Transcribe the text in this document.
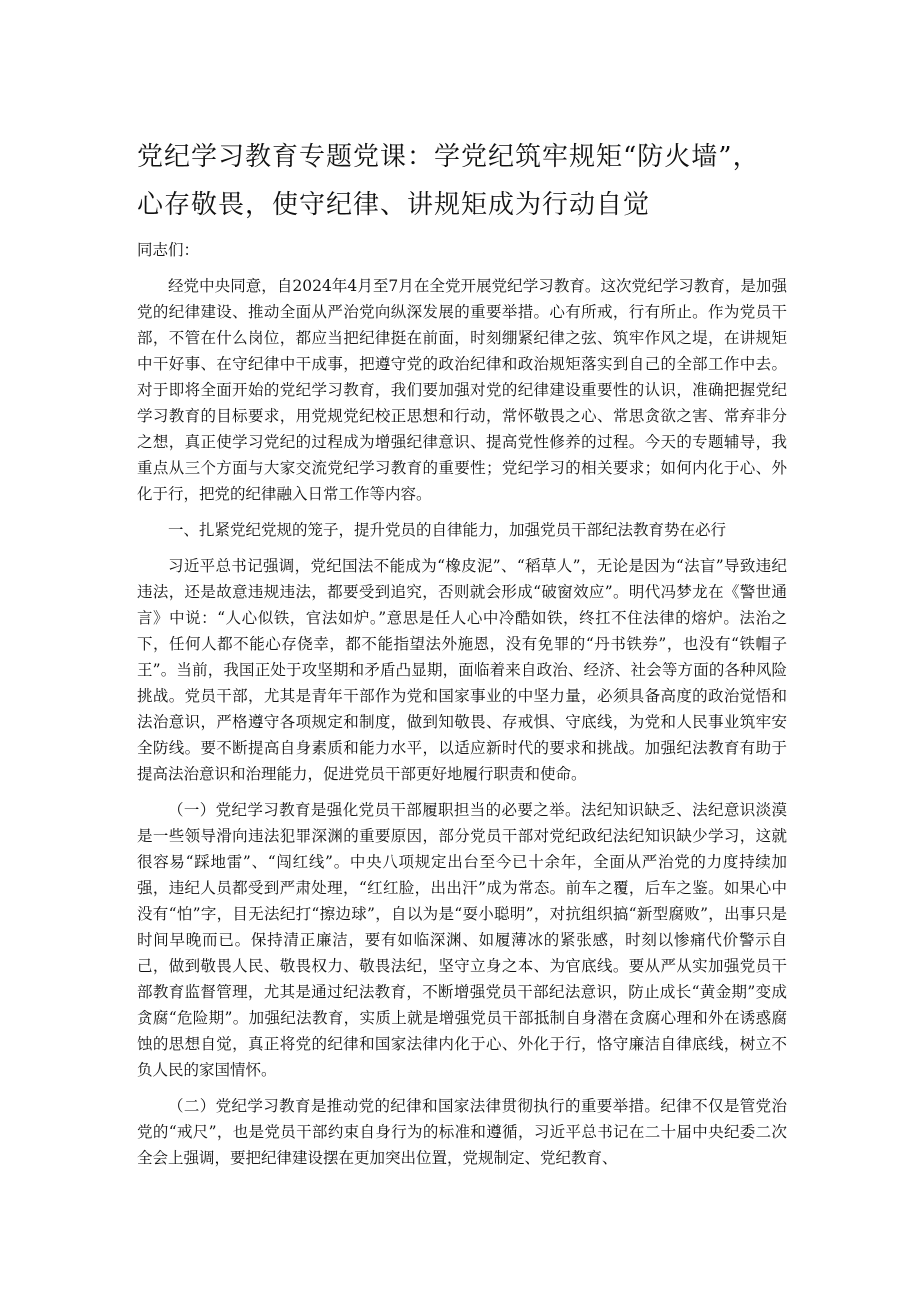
党纪学习教育专题党课：学党纪筑牢规矩“防火墙”，
心存敬畏，使守纪律、讲规矩成为行动自觉

同志们：

经党中央同意，自2024年4月至7月在全党开展党纪学习教育。这次党纪学习教育，是加强党的纪律建设、推动全面从严治党向纵深发展的重要举措。心有所戒，行有所止。作为党员干部，不管在什么岗位，都应当把纪律挺在前面，时刻绷紧纪律之弦、筑牢作风之堤，在讲规矩中干好事、在守纪律中干成事，把遵守党的政治纪律和政治规矩落实到自己的全部工作中去。对于即将全面开始的党纪学习教育，我们要加强对党的纪律建设重要性的认识，准确把握党纪学习教育的目标要求，用党规党纪校正思想和行动，常怀敬畏之心、常思贪欲之害、常弃非分之想，真正使学习党纪的过程成为增强纪律意识、提高党性修养的过程。今天的专题辅导，我重点从三个方面与大家交流党纪学习教育的重要性；党纪学习的相关要求；如何内化于心、外化于行，把党的纪律融入日常工作等内容。

一、扎紧党纪党规的笼子，提升党员的自律能力，加强党员干部纪法教育势在必行

习近平总书记强调，党纪国法不能成为“橡皮泥”、“稻草人”，无论是因为“法盲”导致违纪违法，还是故意违规违法，都要受到追究，否则就会形成“破窗效应”。明代冯梦龙在《警世通言》中说：“人心似铁，官法如炉。”意思是任人心中冷酷如铁，终扛不住法律的熔炉。法治之下，任何人都不能心存侥幸，都不能指望法外施恩，没有免罪的“丹书铁券”，也没有“铁帽子王”。当前，我国正处于攻坚期和矛盾凸显期，面临着来自政治、经济、社会等方面的各种风险挑战。党员干部，尤其是青年干部作为党和国家事业的中坚力量，必须具备高度的政治觉悟和法治意识，严格遵守各项规定和制度，做到知敬畏、存戒惧、守底线，为党和人民事业筑牢安全防线。要不断提高自身素质和能力水平，以适应新时代的要求和挑战。加强纪法教育有助于提高法治意识和治理能力，促进党员干部更好地履行职责和使命。

（一）党纪学习教育是强化党员干部履职担当的必要之举。法纪知识缺乏、法纪意识淡漠是一些领导滑向违法犯罪深渊的重要原因，部分党员干部对党纪政纪法纪知识缺少学习，这就很容易“踩地雷”、“闯红线”。中央八项规定出台至今已十余年，全面从严治党的力度持续加强，违纪人员都受到严肃处理，“红红脸，出出汗”成为常态。前车之覆，后车之鉴。如果心中没有“怕”字，目无法纪打“擦边球”，自以为是“耍小聪明”，对抗组织搞“新型腐败”，出事只是时间早晚而已。保持清正廉洁，要有如临深渊、如履薄冰的紧张感，时刻以惨痛代价警示自己，做到敬畏人民、敬畏权力、敬畏法纪，坚守立身之本、为官底线。要从严从实加强党员干部教育监督管理，尤其是通过纪法教育，不断增强党员干部纪法意识，防止成长“黄金期”变成贪腐“危险期”。加强纪法教育，实质上就是增强党员干部抵制自身潜在贪腐心理和外在诱惑腐蚀的思想自觉，真正将党的纪律和国家法律内化于心、外化于行，恪守廉洁自律底线，树立不负人民的家国情怀。

（二）党纪学习教育是推动党的纪律和国家法律贯彻执行的重要举措。纪律不仅是管党治党的“戒尺”，也是党员干部约束自身行为的标准和遵循，习近平总书记在二十届中央纪委二次全会上强调，要把纪律建设摆在更加突出位置，党规制定、党纪教育、
